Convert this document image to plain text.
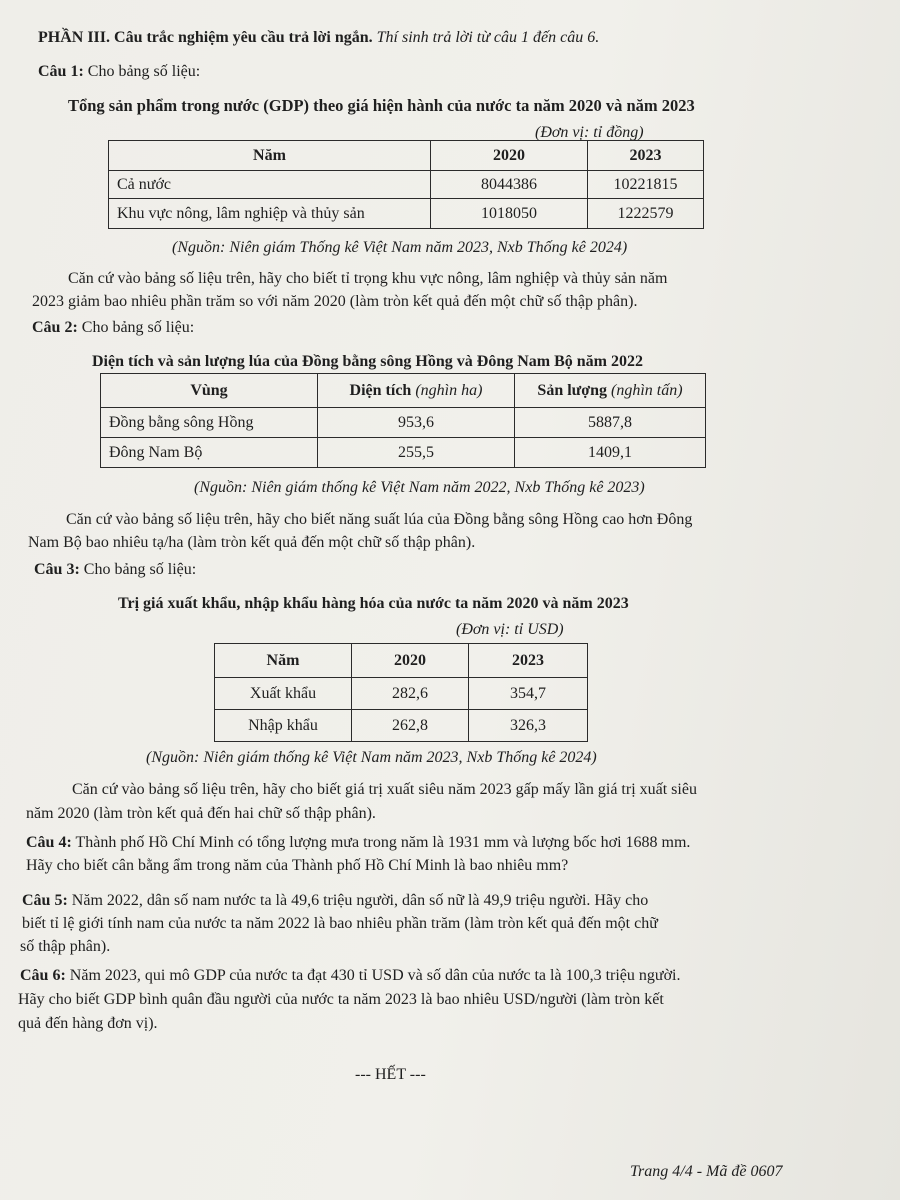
PHẦN III. Câu trắc nghiệm yêu cầu trả lời ngắn. Thí sinh trả lời từ câu 1 đến câu 6.
Câu 1: Cho bảng số liệu:
Tổng sản phẩm trong nước (GDP) theo giá hiện hành của nước ta năm 2020 và năm 2023
(Đơn vị: tỉ đồng)
Năm	2020	2023
Cả nước	8044386	10221815
Khu vực nông, lâm nghiệp và thủy sản	1018050	1222579
(Nguồn: Niên giám Thống kê Việt Nam năm 2023, Nxb Thống kê 2024)
Căn cứ vào bảng số liệu trên, hãy cho biết tỉ trọng khu vực nông, lâm nghiệp và thủy sản năm
2023 giảm bao nhiêu phần trăm so với năm 2020 (làm tròn kết quả đến một chữ số thập phân).
Câu 2: Cho bảng số liệu:
Diện tích và sản lượng lúa của Đồng bằng sông Hồng và Đông Nam Bộ năm 2022
Vùng	Diện tích (nghìn ha)	Sản lượng (nghìn tấn)
Đồng bằng sông Hồng	953,6	5887,8
Đông Nam Bộ	255,5	1409,1
(Nguồn: Niên giám thống kê Việt Nam năm 2022, Nxb Thống kê 2023)
Căn cứ vào bảng số liệu trên, hãy cho biết năng suất lúa của Đồng bằng sông Hồng cao hơn Đông
Nam Bộ bao nhiêu tạ/ha (làm tròn kết quả đến một chữ số thập phân).
Câu 3: Cho bảng số liệu:
Trị giá xuất khẩu, nhập khẩu hàng hóa của nước ta năm 2020 và năm 2023
(Đơn vị: tỉ USD)
Năm	2020	2023
Xuất khẩu	282,6	354,7
Nhập khẩu	262,8	326,3
(Nguồn: Niên giám thống kê Việt Nam năm 2023, Nxb Thống kê 2024)
Căn cứ vào bảng số liệu trên, hãy cho biết giá trị xuất siêu năm 2023 gấp mấy lần giá trị xuất siêu
năm 2020 (làm tròn kết quả đến hai chữ số thập phân).
Câu 4: Thành phố Hồ Chí Minh có tổng lượng mưa trong năm là 1931 mm và lượng bốc hơi 1688 mm.
Hãy cho biết cân bằng ẩm trong năm của Thành phố Hồ Chí Minh là bao nhiêu mm?
Câu 5: Năm 2022, dân số nam nước ta là 49,6 triệu người, dân số nữ là 49,9 triệu người. Hãy cho
biết tỉ lệ giới tính nam của nước ta năm 2022 là bao nhiêu phần trăm (làm tròn kết quả đến một chữ
số thập phân).
Câu 6: Năm 2023, qui mô GDP của nước ta đạt 430 tỉ USD và số dân của nước ta là 100,3 triệu người.
Hãy cho biết GDP bình quân đầu người của nước ta năm 2023 là bao nhiêu USD/người (làm tròn kết
quả đến hàng đơn vị).
--- HẾT ---
Trang 4/4 - Mã đề 0607
